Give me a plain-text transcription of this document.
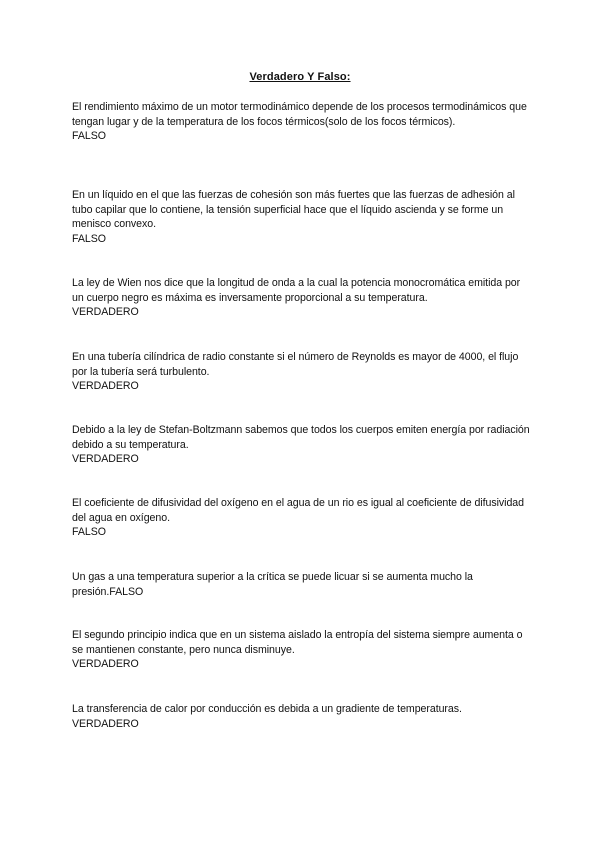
Verdadero Y Falso:
El rendimiento máximo de un motor termodinámico depende de los procesos termodinámicos que tengan lugar y de la temperatura de los focos térmicos(solo de los focos térmicos).
FALSO
En un líquido en el que las fuerzas de cohesión son más fuertes que las fuerzas de adhesión al tubo capilar que lo contiene, la tensión superficial hace que el líquido ascienda y se forme un menisco convexo.
FALSO
La ley de Wien nos dice que la longitud de onda a la cual la potencia monocromática emitida por un cuerpo negro es máxima es inversamente proporcional a su temperatura.
VERDADERO
En una tubería cilíndrica de radio constante si el número de Reynolds es mayor de 4000, el flujo por la tubería será turbulento.
VERDADERO
Debido a la ley de Stefan-Boltzmann sabemos que todos los cuerpos emiten energía por radiación debido a su temperatura.
VERDADERO
El coeficiente de difusividad del oxígeno en el agua de un rio es igual al coeficiente de difusividad del agua en oxígeno.
FALSO
Un gas a una temperatura superior a la crítica se puede licuar si se aumenta mucho la presión.FALSO
El segundo principio indica que en un sistema aislado la entropía del sistema siempre aumenta o se mantienen constante, pero nunca disminuye.
VERDADERO
La transferencia de calor por conducción es debida a un gradiente de temperaturas.
VERDADERO
